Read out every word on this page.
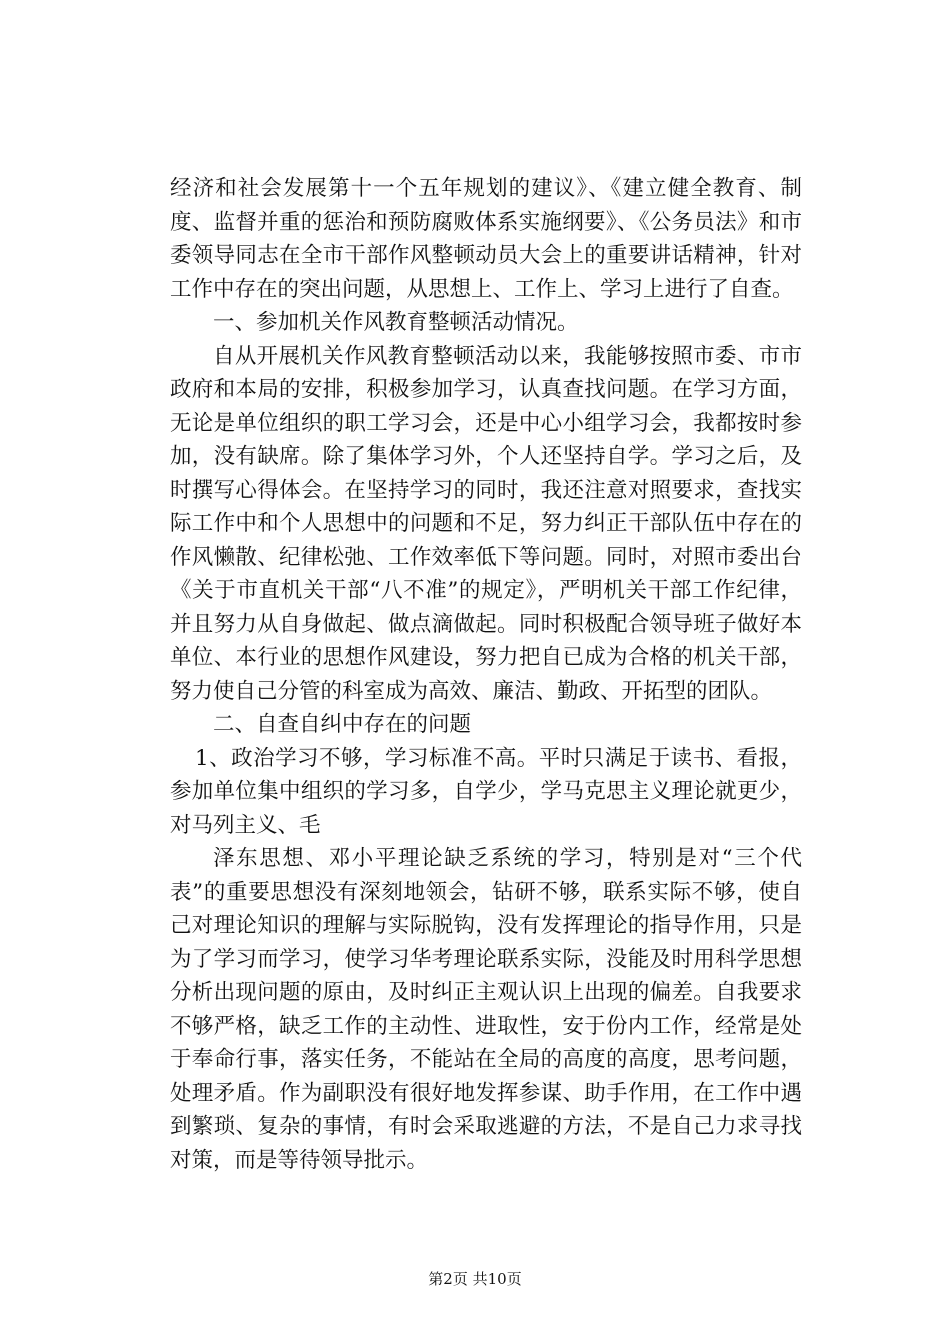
经济和社会发展第十一个五年规划的建议》、《建立健全教育、制度、监督并重的惩治和预防腐败体系实施纲要》、《公务员法》和市委领导同志在全市干部作风整顿动员大会上的重要讲话精神，针对工作中存在的突出问题，从思想上、工作上、学习上进行了自查。

一、参加机关作风教育整顿活动情况。

自从开展机关作风教育整顿活动以来，我能够按照市委、市市政府和本局的安排，积极参加学习，认真查找问题。在学习方面，无论是单位组织的职工学习会，还是中心小组学习会，我都按时参加，没有缺席。除了集体学习外，个人还坚持自学。学习之后，及时撰写心得体会。在坚持学习的同时，我还注意对照要求，查找实际工作中和个人思想中的问题和不足，努力纠正干部队伍中存在的作风懒散、纪律松弛、工作效率低下等问题。同时，对照市委出台《关于市直机关干部“八不准”的规定》，严明机关干部工作纪律，并且努力从自身做起、做点滴做起。同时积极配合领导班子做好本单位、本行业的思想作风建设，努力把自已成为合格的机关干部，努力使自己分管的科室成为高效、廉洁、勤政、开拓型的团队。

二、自查自纠中存在的问题

1、政治学习不够，学习标准不高。平时只满足于读书、看报，参加单位集中组织的学习多，自学少，学马克思主义理论就更少，对马列主义、毛

泽东思想、邓小平理论缺乏系统的学习，特别是对“三个代表”的重要思想没有深刻地领会，钻研不够，联系实际不够，使自己对理论知识的理解与实际脱钩，没有发挥理论的指导作用，只是为了学习而学习，使学习华考理论联系实际，没能及时用科学思想分析出现问题的原由，及时纠正主观认识上出现的偏差。自我要求不够严格，缺乏工作的主动性、进取性，安于份内工作，经常是处于奉命行事，落实任务，不能站在全局的高度的高度，思考问题，处理矛盾。作为副职没有很好地发挥参谋、助手作用，在工作中遇到繁琐、复杂的事情，有时会采取逃避的方法，不是自己力求寻找对策，而是等待领导批示。

第2页 共10页
